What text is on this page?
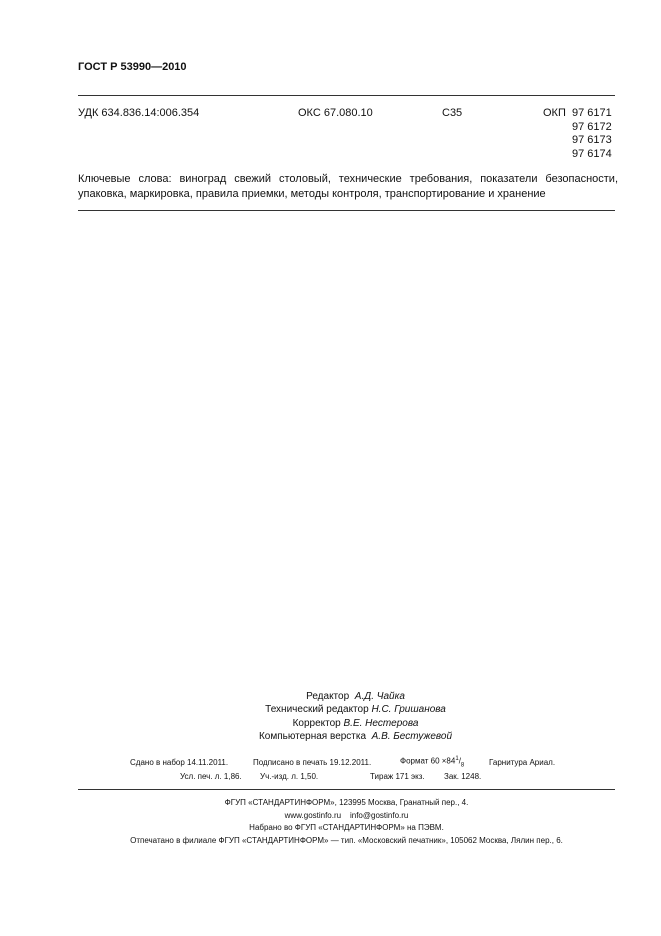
ГОСТ Р 53990—2010
УДК 634.836.14:006.354	ОКС 67.080.10	С35	ОКП 97 6171
97 6172
97 6173
97 6174
Ключевые слова: виноград свежий столовый, технические требования, показатели безопасности, упаковка, маркировка, правила приемки, методы контроля, транспортирование и хранение
Редактор А.Д. Чайка
Технический редактор Н.С. Гришанова
Корректор В.Е. Нестерова
Компьютерная верстка А.В. Бестужевой
Сдано в набор 14.11.2011.	Подписано в печать 19.12.2011.	Формат $60 \times 84^1/_8$	Гарнитура Ариал.
Усл. печ. л. 1,86. Уч.-изд. л. 1,50.	Тираж 171 экз. Зак. 1248.
ФГУП «СТАНДАРТИНФОРМ», 123995 Москва, Гранатный пер., 4.
www.gostinfo.ru info@gostinfo.ru
Набрано во ФГУП «СТАНДАРТИНФОРМ» на ПЭВМ.
Отпечатано в филиале ФГУП «СТАНДАРТИНФОРМ» — тип. «Московский печатник», 105062 Москва, Лялин пер., 6.
